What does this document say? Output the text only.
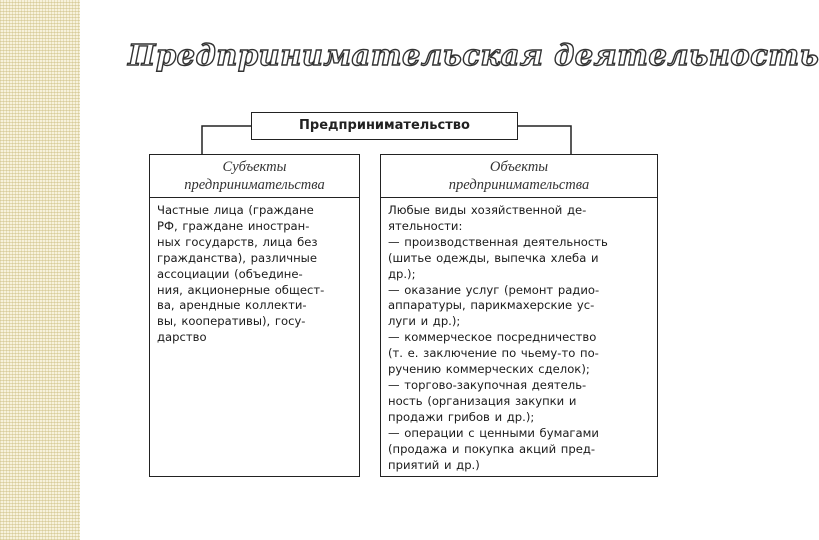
Предпринимательская деятельность
Предпринимательство
Субъекты
предпринимательства
Объекты
предпринимательства
Частные лица (граждане
РФ, граждане иностран-
ных государств, лица без
гражданства), различные
ассоциации (объедине-
ния, акционерные общест-
ва, арендные коллекти-
вы, кооперативы), госу-
дарство
Любые виды хозяйственной де-
ятельности:
— производственная деятельность
(шитье одежды, выпечка хлеба и
др.);
— оказание услуг (ремонт радио-
аппаратуры, парикмахерские ус-
луги и др.);
— коммерческое посредничество
(т. е. заключение по чьему-то по-
ручению коммерческих сделок);
— торгово-закупочная деятель-
ность (организация закупки и
продажи грибов и др.);
— операции с ценными бумагами
(продажа и покупка акций пред-
приятий и др.)
